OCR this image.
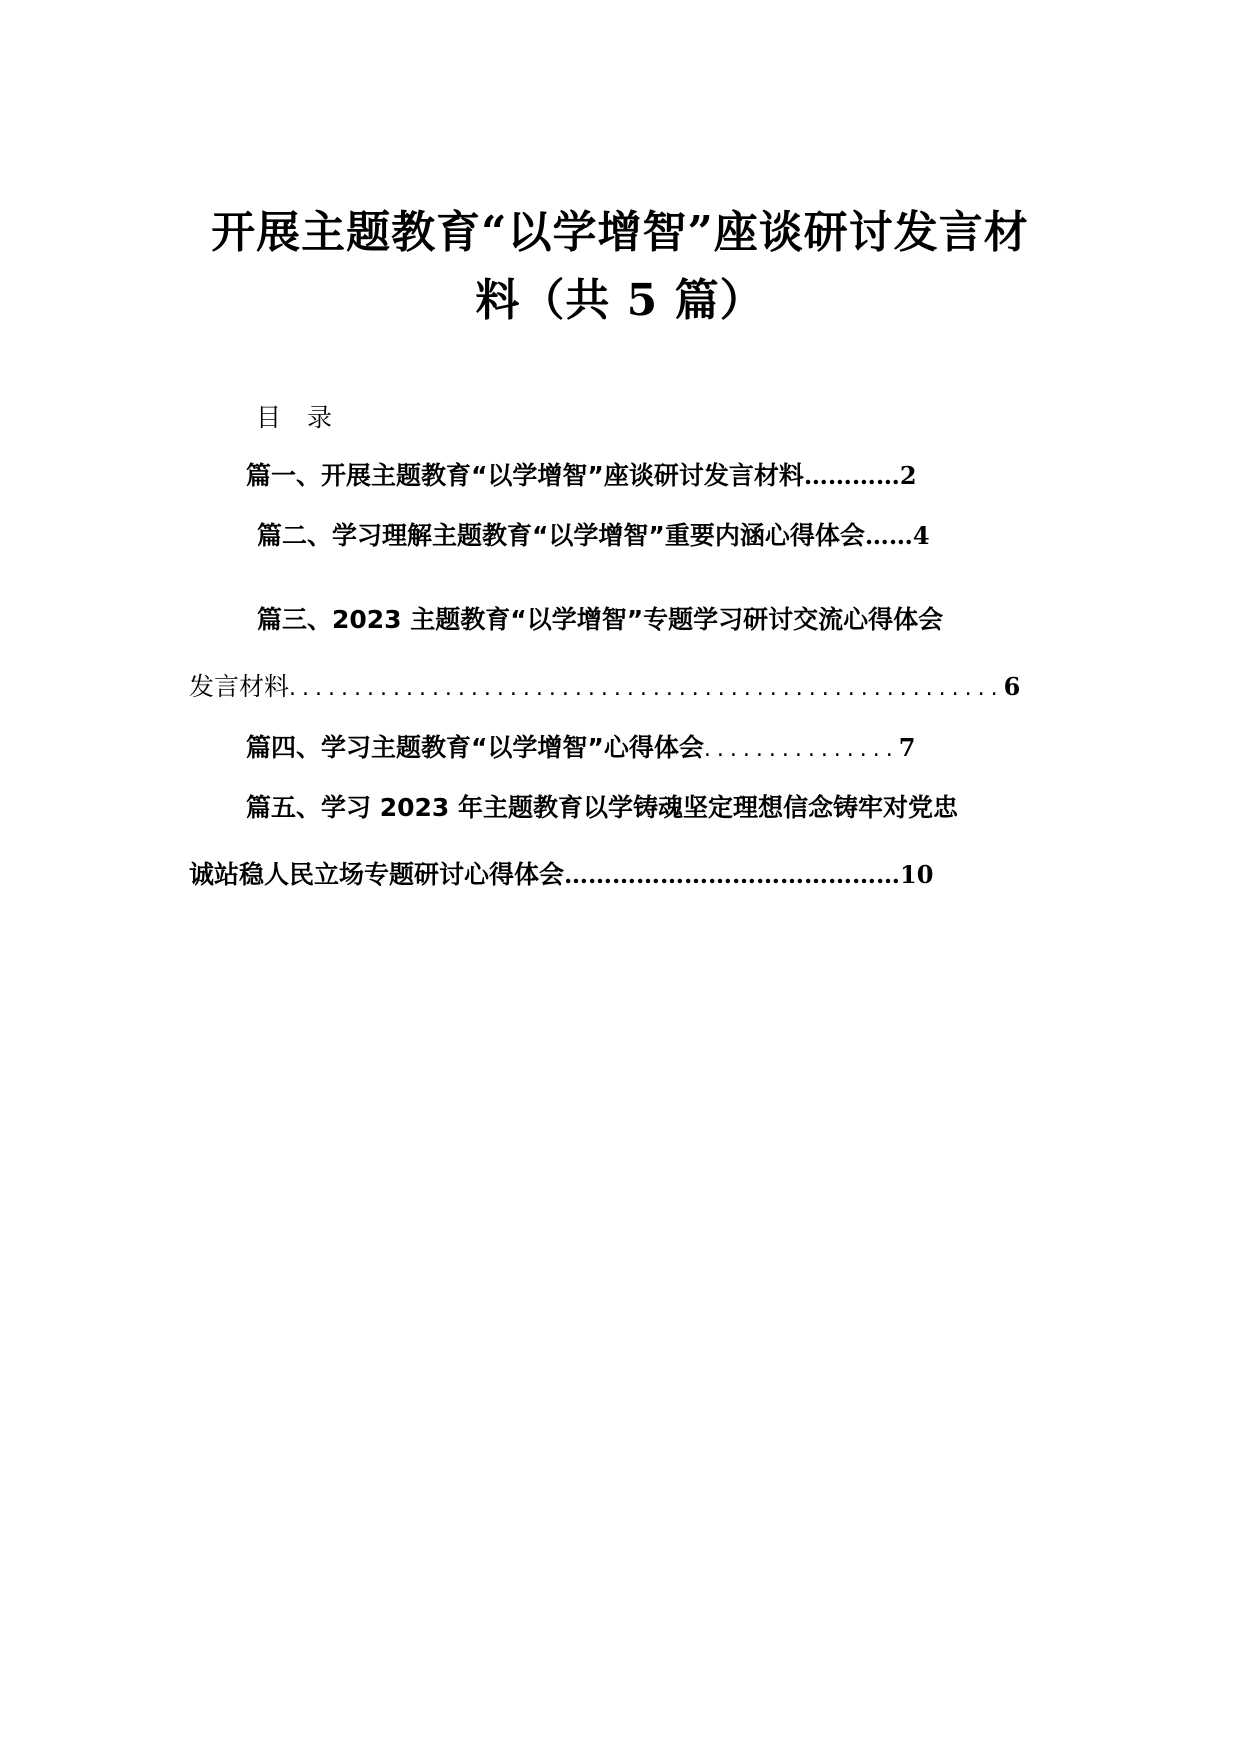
开展主题教育“以学增智”座谈研讨发言材
料（共 5 篇）
目录
篇一、开展主题教育“以学增智”座谈研讨发言材料 ………… 2
篇二、学习理解主题教育“以学增智”重要内涵心得体会 …… 4
篇三、2023 主题教育“以学增智”专题学习研讨交流心得体会
发言材料 ....................................................... 6
篇四、学习主题教育“以学增智”心得体会 ............... 7
篇五、学习 2023 年主题教育以学铸魂坚定理想信念铸牢对党忠
诚站稳人民立场专题研讨心得体会 …………………………………… 10
